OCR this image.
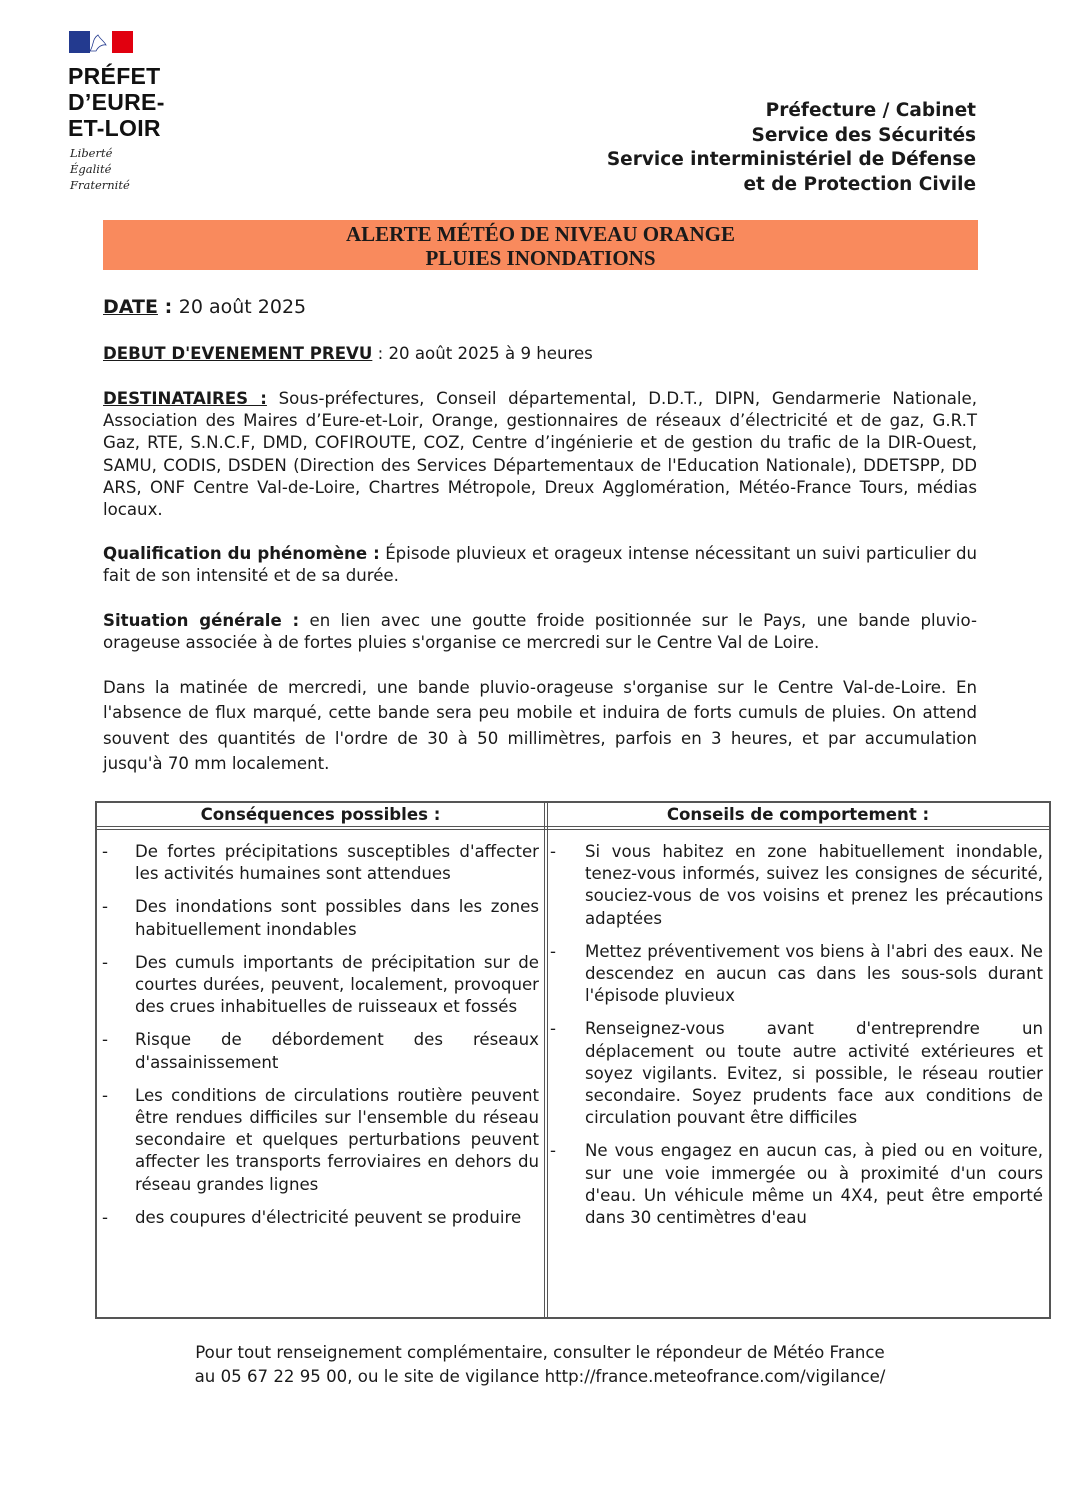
PRÉFET
D’EURE-
ET-LOIR
Liberté
Égalité
Fraternité
Préfecture / Cabinet
Service des Sécurités
Service interministériel de Défense
et de Protection Civile
ALERTE MÉTÉO DE NIVEAU ORANGE
PLUIES INONDATIONS
DATE : 20 août 2025
DEBUT D'EVENEMENT PREVU : 20 août 2025 à 9 heures
DESTINATAIRES : Sous-préfectures, Conseil départemental, D.D.T., DIPN, Gendarmerie Nationale, Association des Maires d’Eure-et-Loir, Orange, gestionnaires de réseaux d’électricité et de gaz, G.R.T Gaz, RTE, S.N.C.F, DMD, COFIROUTE, COZ, Centre d’ingénierie et de gestion du trafic de la DIR-Ouest, SAMU, CODIS, DSDEN (Direction des Services Départementaux de l'Education Nationale), DDETSPP, DD ARS, ONF Centre Val-de-Loire, Chartres Métropole, Dreux Agglomération, Météo-France Tours, médias locaux.
Qualification du phénomène : Épisode pluvieux et orageux intense nécessitant un suivi particulier du fait de son intensité et de sa durée.
Situation générale : en lien avec une goutte froide positionnée sur le Pays, une bande pluvio-orageuse associée à de fortes pluies s'organise ce mercredi sur le Centre Val de Loire.
Dans la matinée de mercredi, une bande pluvio-orageuse s'organise sur le Centre Val-de-Loire. En l'absence de flux marqué, cette bande sera peu mobile et induira de forts cumuls de pluies. On attend souvent des quantités de l'ordre de 30 à 50 millimètres, parfois en 3 heures, et par accumulation jusqu'à 70 mm localement.
Conséquences possibles :	Conseils de comportement :
- De fortes précipitations susceptibles d'affecter les activités humaines sont attendues
- Des inondations sont possibles dans les zones habituellement inondables
- Des cumuls importants de précipitation sur de courtes durées, peuvent, localement, provoquer des crues inhabituelles de ruisseaux et fossés
- Risque de débordement des réseaux d'assainissement
- Les conditions de circulations routière peuvent être rendues difficiles sur l'ensemble du réseau secondaire et quelques perturbations peuvent affecter les transports ferroviaires en dehors du réseau grandes lignes
- des coupures d'électricité peuvent se produire
- Si vous habitez en zone habituellement inondable, tenez-vous informés, suivez les consignes de sécurité, souciez-vous de vos voisins et prenez les précautions adaptées
- Mettez préventivement vos biens à l'abri des eaux. Ne descendez en aucun cas dans les sous-sols durant l'épisode pluvieux
- Renseignez-vous avant d'entreprendre un déplacement ou toute autre activité extérieures et soyez vigilants. Evitez, si possible, le réseau routier secondaire. Soyez prudents face aux conditions de circulation pouvant être difficiles
- Ne vous engagez en aucun cas, à pied ou en voiture, sur une voie immergée ou à proximité d'un cours d'eau. Un véhicule même un 4X4, peut être emporté dans 30 centimètres d'eau
Pour tout renseignement complémentaire, consulter le répondeur de Météo France
au 05 67 22 95 00, ou le site de vigilance http://france.meteofrance.com/vigilance/
